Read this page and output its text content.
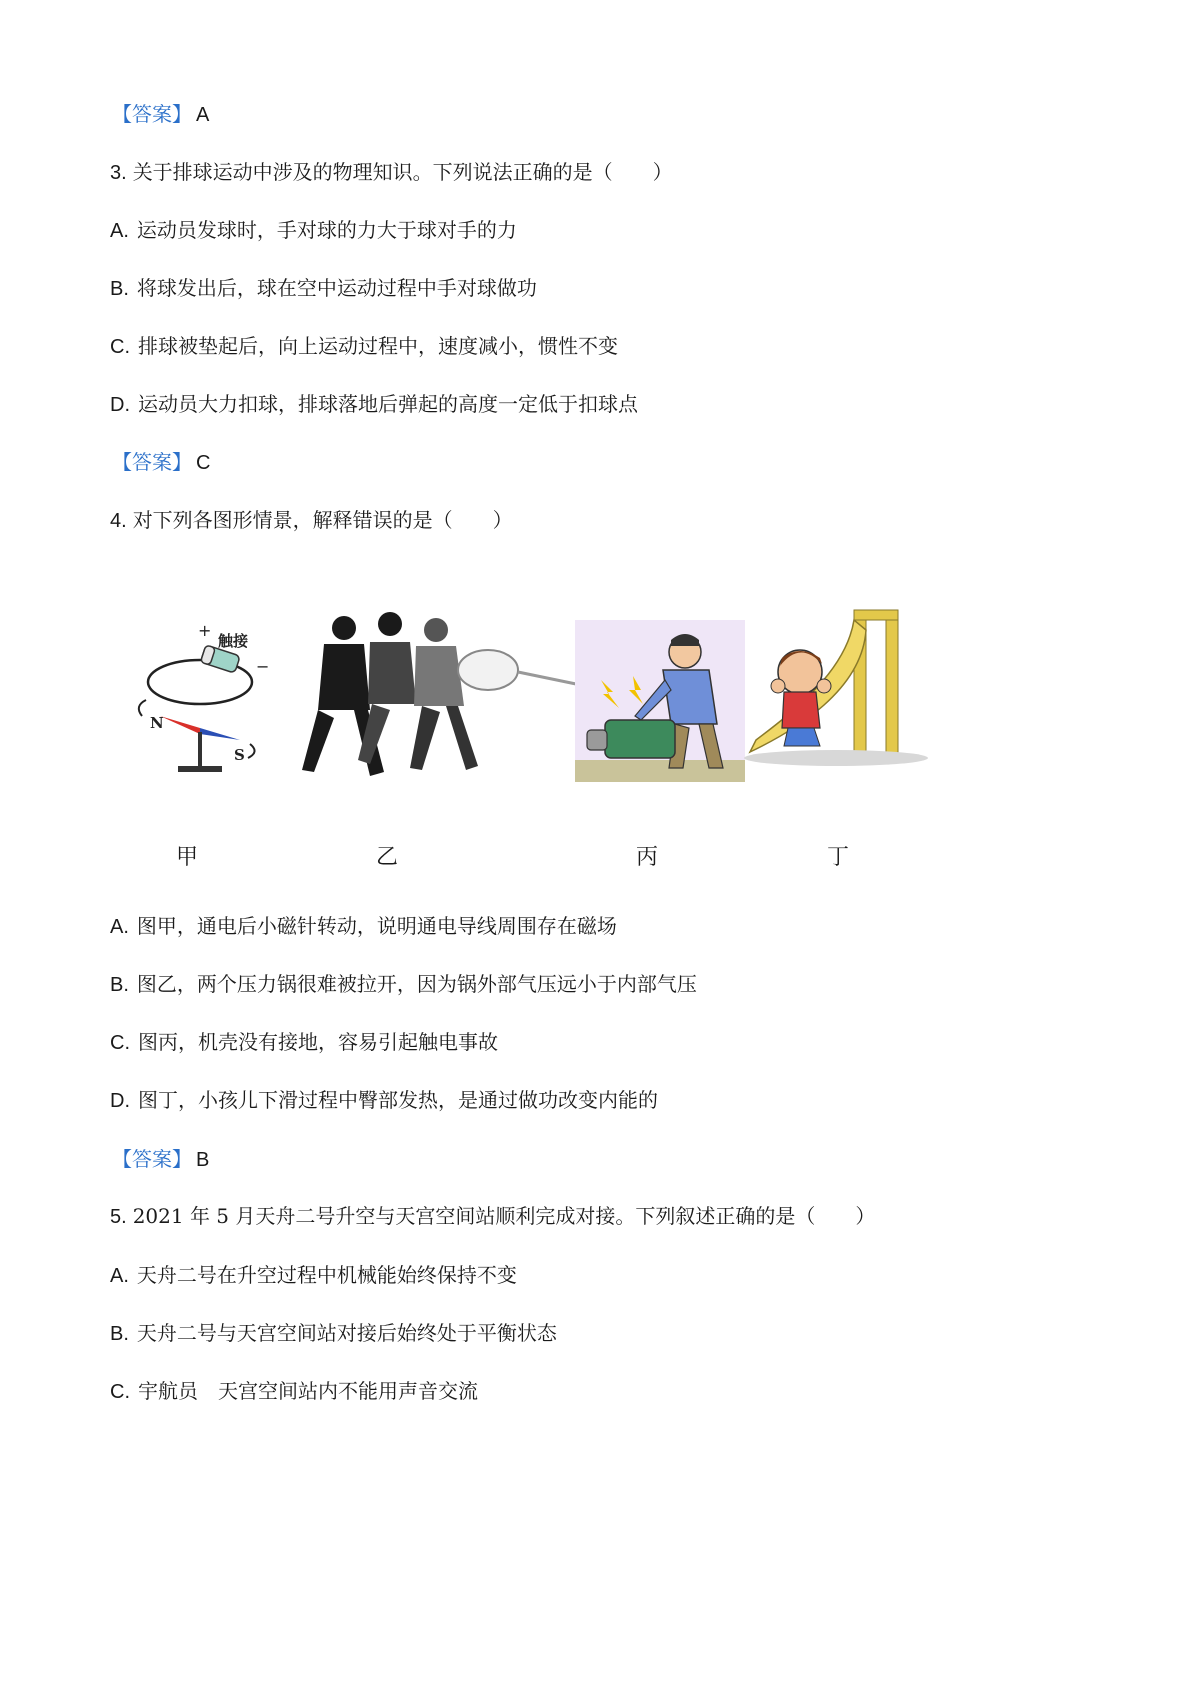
【答案】 A
3. 关于排球运动中涉及的物理知识。下列说法正确的是（　　）
A. 运动员发球时，手对球的力大于球对手的力
B. 将球发出后，球在空中运动过程中手对球做功
C. 排球被垫起后，向上运动过程中，速度减小，惯性不变
D. 运动员大力扣球，排球落地后弹起的高度一定低于扣球点
【答案】 C
4. 对下列各图形情景，解释错误的是（　　）
+
触接
−
N
S
甲	乙	丙	丁
A. 图甲，通电后小磁针转动，说明通电导线周围存在磁场
B. 图乙，两个压力锅很难被拉开，因为锅外部气压远小于内部气压
C. 图丙，机壳没有接地，容易引起触电事故
D. 图丁，小孩儿下滑过程中臀部发热，是通过做功改变内能的
【答案】 B
5. 2021 年 5 月天舟二号升空与天宫空间站顺利完成对接。下列叙述正确的是（　　）
A. 天舟二号在升空过程中机械能始终保持不变
B. 天舟二号与天宫空间站对接后始终处于平衡状态
C. 宇航员　天宫空间站内不能用声音交流
